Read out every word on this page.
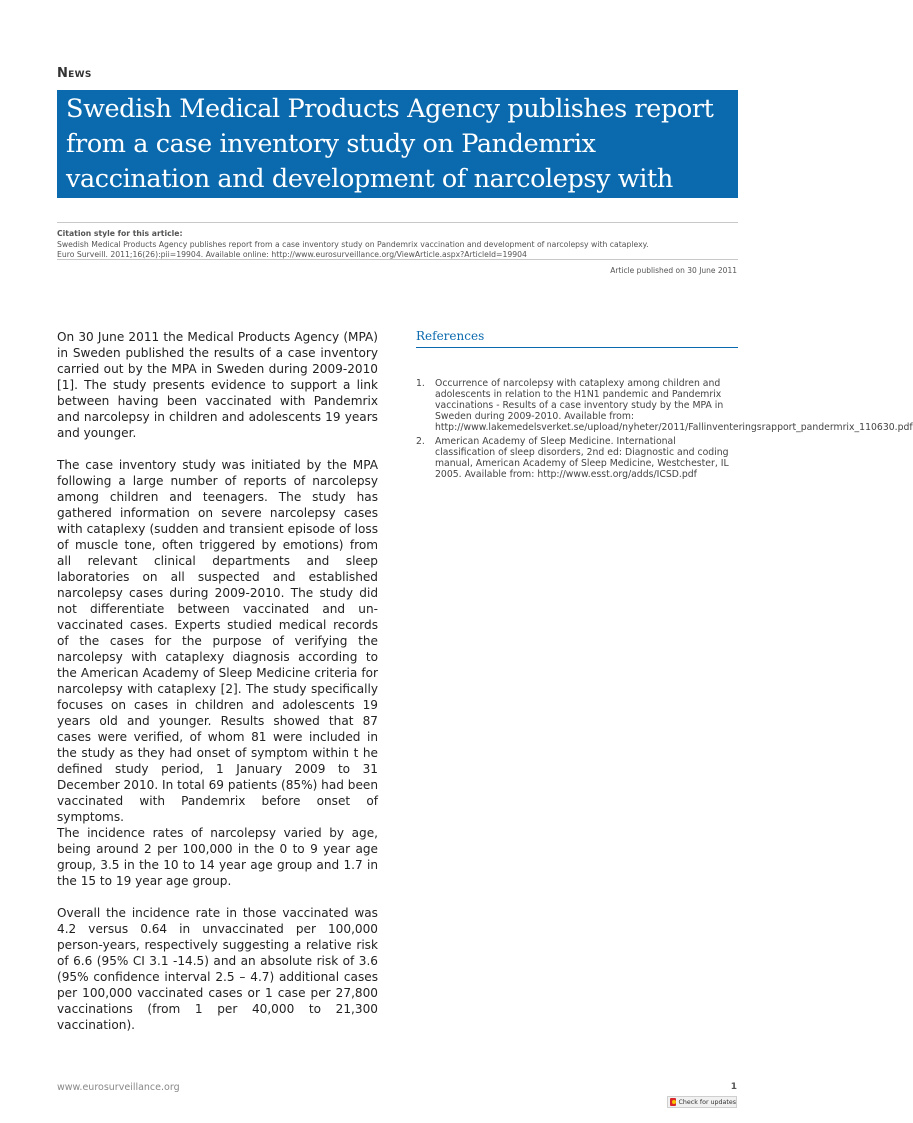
News
Swedish Medical Products Agency publishes report from a case inventory study on Pandemrix vaccination and development of narcolepsy with cataplexy
Citation style for this article:
Swedish Medical Products Agency publishes report from a case inventory study on Pandemrix vaccination and development of narcolepsy with cataplexy.
Euro Surveill. 2011;16(26):pii=19904. Available online: http://www.eurosurveillance.org/ViewArticle.aspx?ArticleId=19904
Article published on 30 June 2011

On 30 June 2011 the Medical Products Agency (MPA) in Sweden published the results of a case inventory carried out by the MPA in Sweden during 2009-2010 [1]. The study presents evidence to support a link between having been vaccinated with Pandemrix and narcolepsy in children and adolescents 19 years and younger.

The case inventory study was initiated by the MPA following a large number of reports of narcolepsy among children and teenagers. The study has gathered information on severe narcolepsy cases with cataplexy (sudden and transient episode of loss of muscle tone, often triggered by emotions) from all relevant clinical departments and sleep laboratories on all suspected and established narcolepsy cases during 2009-2010. The study did not differentiate between vaccinated and un-vaccinated cases. Experts studied medical records of the cases for the purpose of verifying the narcolepsy with cataplexy diagnosis according to the American Academy of Sleep Medicine criteria for narcolepsy with cataplexy [2]. The study specifically focuses on cases in children and adolescents 19 years old and younger. Results showed that 87 cases were verified, of whom 81 were included in the study as they had onset of symptom within t he defined study period, 1 January 2009 to 31 December 2010. In total 69 patients (85%) had been vaccinated with Pandemrix before onset of symptoms.

The incidence rates of narcolepsy varied by age, being around 2 per 100,000 in the 0 to 9 year age group, 3.5 in the 10 to 14 year age group and 1.7 in the 15 to 19 year age group.

Overall the incidence rate in those vaccinated was 4.2 versus 0.64 in unvaccinated per 100,000 person-years, respectively suggesting a relative risk of 6.6 (95% CI 3.1 -14.5) and an absolute risk of 3.6 (95% confidence interval 2.5 – 4.7) additional cases per 100,000 vaccinated cases or 1 case per 27,800 vaccinations (from 1 per 40,000 to 21,300 vaccination).

References
1. Occurrence of narcolepsy with cataplexy among children and adolescents in relation to the H1N1 pandemic and Pandemrix vaccinations - Results of a case inventory study by the MPA in Sweden during 2009-2010. Available from: http://www.lakemedelsverket.se/upload/nyheter/2011/Fallinventeringsrapport_pandermrix_110630.pdf
2. American Academy of Sleep Medicine. International classification of sleep disorders, 2nd ed: Diagnostic and coding manual, American Academy of Sleep Medicine, Westchester, IL 2005. Available from: http://www.esst.org/adds/ICSD.pdf
www.eurosurveillance.org	1
Check for updates
